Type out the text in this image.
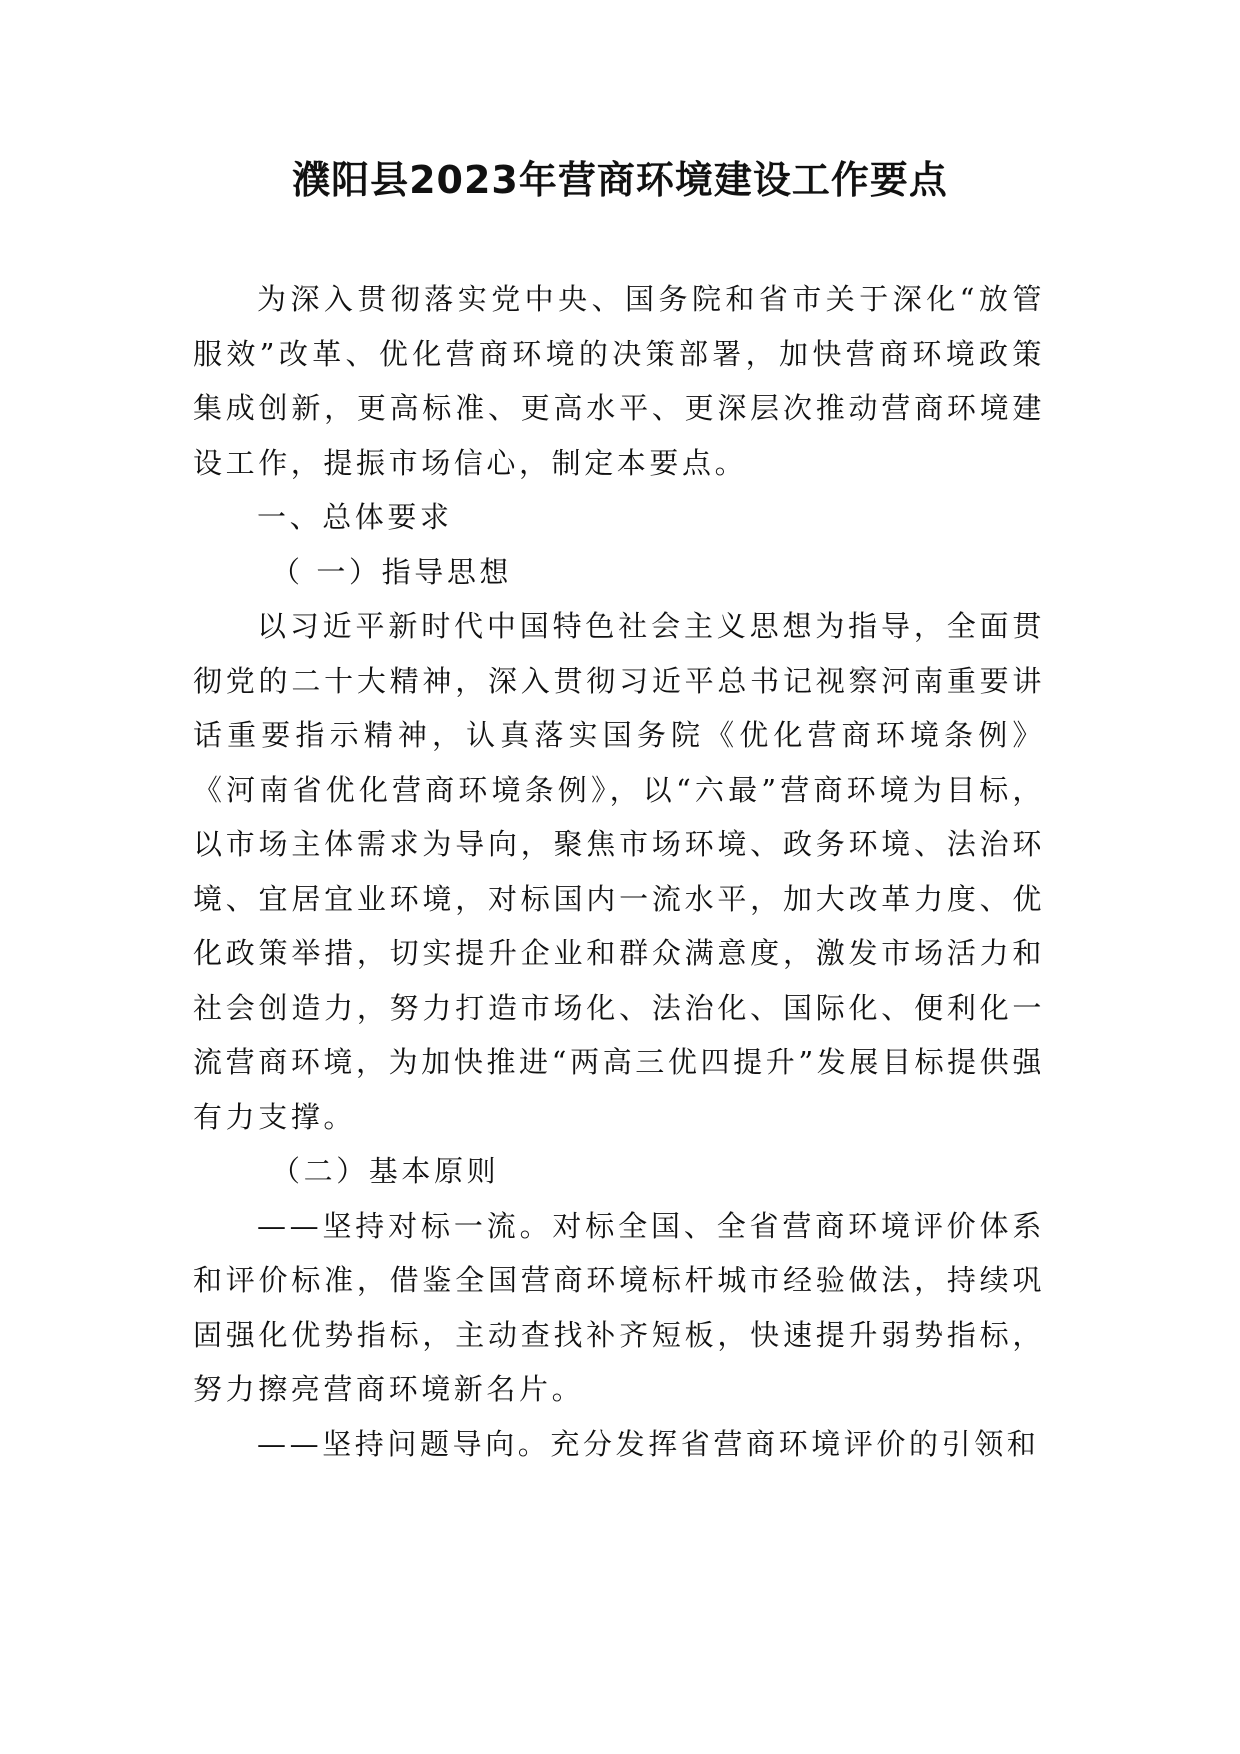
濮阳县2023年营商环境建设工作要点

为深入贯彻落实党中央、国务院和省市关于深化“放管服效”改革、优化营商环境的决策部署，加快营商环境政策集成创新，更高标准、更高水平、更深层次推动营商环境建设工作，提振市场信心，制定本要点。

一、总体要求

（ 一）指导思想

以习近平新时代中国特色社会主义思想为指导，全面贯彻党的二十大精神，深入贯彻习近平总书记视察河南重要讲话重要指示精神，认真落实国务院《优化营商环境条例》《河南省优化营商环境条例》，以“六最”营商环境为目标，以市场主体需求为导向，聚焦市场环境、政务环境、法治环境、宜居宜业环境，对标国内一流水平，加大改革力度、优化政策举措，切实提升企业和群众满意度，激发市场活力和社会创造力，努力打造市场化、法治化、国际化、便利化一流营商环境，为加快推进“两高三优四提升”发展目标提供强有力支撑。

（二）基本原则

——坚持对标一流。对标全国、全省营商环境评价体系和评价标准，借鉴全国营商环境标杆城市经验做法，持续巩固强化优势指标，主动查找补齐短板，快速提升弱势指标，努力擦亮营商环境新名片。

——坚持问题导向。充分发挥省营商环境评价的引领和
